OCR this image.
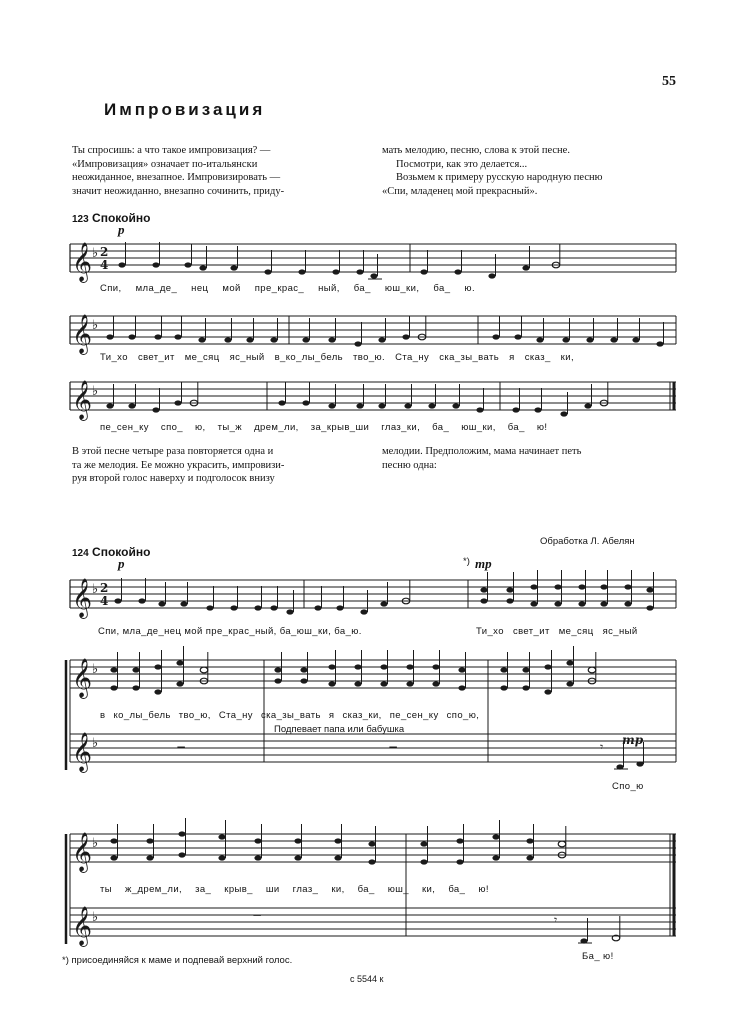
55
Импровизация
Ты спросишь: а что такое импровизация? —
«Импровизация» означает по-итальянски
неожиданное, внезапное. Импровизировать —
значит неожиданно, внезапно сочинить, приду-
мать мелодию, песню, слова к этой песне.
Посмотри, как это делается...
Возьмем к примеру русскую народную песню
«Спи, младенец мой прекрасный».
123 Спокойно
p
𝄞 ♭ 2
4
Спи, мла_де_ нец мой пре_крас_ ный, ба_ юш_ки, ба_ ю.
𝄞 ♭
Ти_хо свет_ит ме_сяц яс_ный в_ко_лы_бель тво_ю. Ста_ну ска_зы_вать я сказ_ ки,
𝄞 ♭
пе_сен_ку спо_ ю, ты_ж дрем_ли, за_крыв_ши глаз_ки, ба_ юш_ки, ба_ ю!
В этой песне четыре раза повторяется одна и
та же мелодия. Ее можно украсить, импровизи-
руя второй голос наверху и подголосок внизу
мелодии. Предположим, мама начинает петь
песню одна:
Обработка Л. Абелян
124 Спокойно
p	*) mp
𝄞 ♭ 2
4
Спи, мла_де_нец мой пре_крас_ный, ба_юш_ки, ба_ю.	Ти_хо свет_ит ме_сяц яс_ный
𝄞 ♭
𝄞 ♭	−	−	𝄾 mp
в ко_лы_бель тво_ю, Ста_ну ска_зы_вать я сказ_ки, пе_сен_ку спо_ю,
Подпевает папа или бабушка
Спо_ю
𝄞 ♭
𝄞 ♭	−	𝄾
ты ж_дрем_ли, за_ крыв_ ши глаз_ ки, ба_ юш_ ки, ба_ ю!
Ба_ ю!
*) присоединяйся к маме и подпевай верхний голос.
с 5544 к
